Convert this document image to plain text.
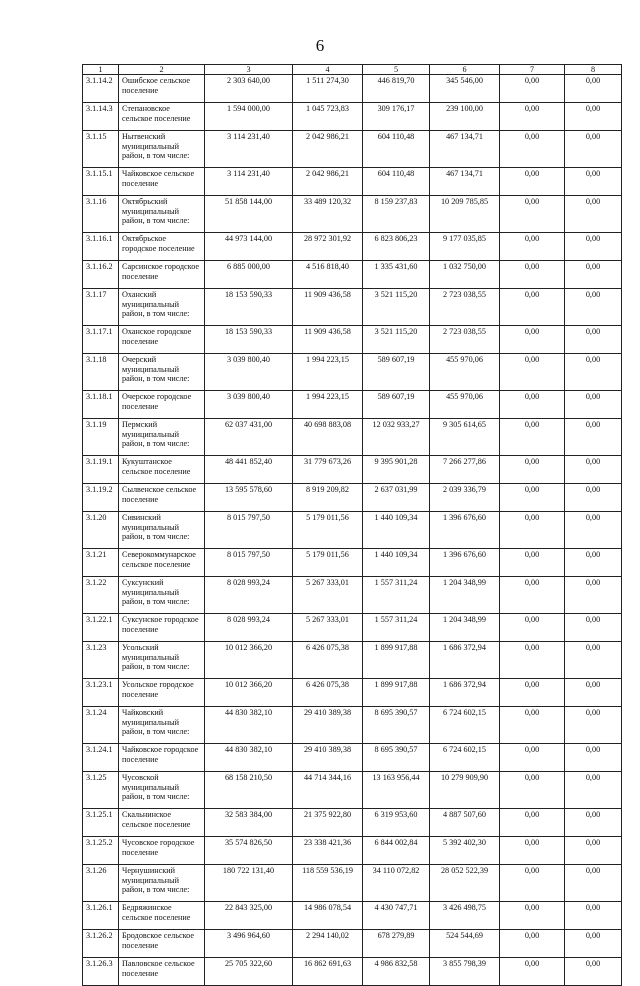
6
1	2	3	4	5	6	7	8
3.1.14.2	Ошибское сельское поселение	2 303 640,00	1 511 274,30	446 819,70	345 546,00	0,00	0,00
3.1.14.3	Степановское сельское поселение	1 594 000,00	1 045 723,83	309 176,17	239 100,00	0,00	0,00
3.1.15	Нытвенский муниципальный район, в том числе:	3 114 231,40	2 042 986,21	604 110,48	467 134,71	0,00	0,00
3.1.15.1	Чайковское сельское поселение	3 114 231,40	2 042 986,21	604 110,48	467 134,71	0,00	0,00
3.1.16	Октябрьский муниципальный район, в том числе:	51 858 144,00	33 489 120,32	8 159 237,83	10 209 785,85	0,00	0,00
3.1.16.1	Октябрьское городское поселение	44 973 144,00	28 972 301,92	6 823 806,23	9 177 035,85	0,00	0,00
3.1.16.2	Сарсинское городское поселение	6 885 000,00	4 516 818,40	1 335 431,60	1 032 750,00	0,00	0,00
3.1.17	Оханский муниципальный район, в том числе:	18 153 590,33	11 909 436,58	3 521 115,20	2 723 038,55	0,00	0,00
3.1.17.1	Оханское городское поселение	18 153 590,33	11 909 436,58	3 521 115,20	2 723 038,55	0,00	0,00
3.1.18	Очерский муниципальный район, в том числе:	3 039 800,40	1 994 223,15	589 607,19	455 970,06	0,00	0,00
3.1.18.1	Очерское городское поселение	3 039 800,40	1 994 223,15	589 607,19	455 970,06	0,00	0,00
3.1.19	Пермский муниципальный район, в том числе:	62 037 431,00	40 698 883,08	12 032 933,27	9 305 614,65	0,00	0,00
3.1.19.1	Кукуштанское сельское поселение	48 441 852,40	31 779 673,26	9 395 901,28	7 266 277,86	0,00	0,00
3.1.19.2	Сылвенское сельское поселение	13 595 578,60	8 919 209,82	2 637 031,99	2 039 336,79	0,00	0,00
3.1.20	Сивинский муниципальный район, в том числе:	8 015 797,50	5 179 011,56	1 440 109,34	1 396 676,60	0,00	0,00
3.1.21	Северокоммунарское сельское поселение	8 015 797,50	5 179 011,56	1 440 109,34	1 396 676,60	0,00	0,00
3.1.22	Суксунский муниципальный район, в том числе:	8 028 993,24	5 267 333,01	1 557 311,24	1 204 348,99	0,00	0,00
3.1.22.1	Суксунское городское поселение	8 028 993,24	5 267 333,01	1 557 311,24	1 204 348,99	0,00	0,00
3.1.23	Усольский муниципальный район, в том числе:	10 012 366,20	6 426 075,38	1 899 917,88	1 686 372,94	0,00	0,00
3.1.23.1	Усольское городское поселение	10 012 366,20	6 426 075,38	1 899 917,88	1 686 372,94	0,00	0,00
3.1.24	Чайковский муниципальный район, в том числе:	44 830 382,10	29 410 389,38	8 695 390,57	6 724 602,15	0,00	0,00
3.1.24.1	Чайковское городское поселение	44 830 382,10	29 410 389,38	8 695 390,57	6 724 602,15	0,00	0,00
3.1.25	Чусовской муниципальный район, в том числе:	68 158 210,50	44 714 344,16	13 163 956,44	10 279 909,90	0,00	0,00
3.1.25.1	Скальнинское сельское поселение	32 583 384,00	21 375 922,80	6 319 953,60	4 887 507,60	0,00	0,00
3.1.25.2	Чусовское городское поселение	35 574 826,50	23 338 421,36	6 844 002,84	5 392 402,30	0,00	0,00
3.1.26	Чернушинский муниципальный район, в том числе:	180 722 131,40	118 559 536,19	34 110 072,82	28 052 522,39	0,00	0,00
3.1.26.1	Бедряжинское сельское поселение	22 843 325,00	14 986 078,54	4 430 747,71	3 426 498,75	0,00	0,00
3.1.26.2	Бродовское сельское поселение	3 496 964,60	2 294 140,02	678 279,89	524 544,69	0,00	0,00
3.1.26.3	Павловское сельское поселение	25 705 322,60	16 862 691,63	4 986 832,58	3 855 798,39	0,00	0,00
